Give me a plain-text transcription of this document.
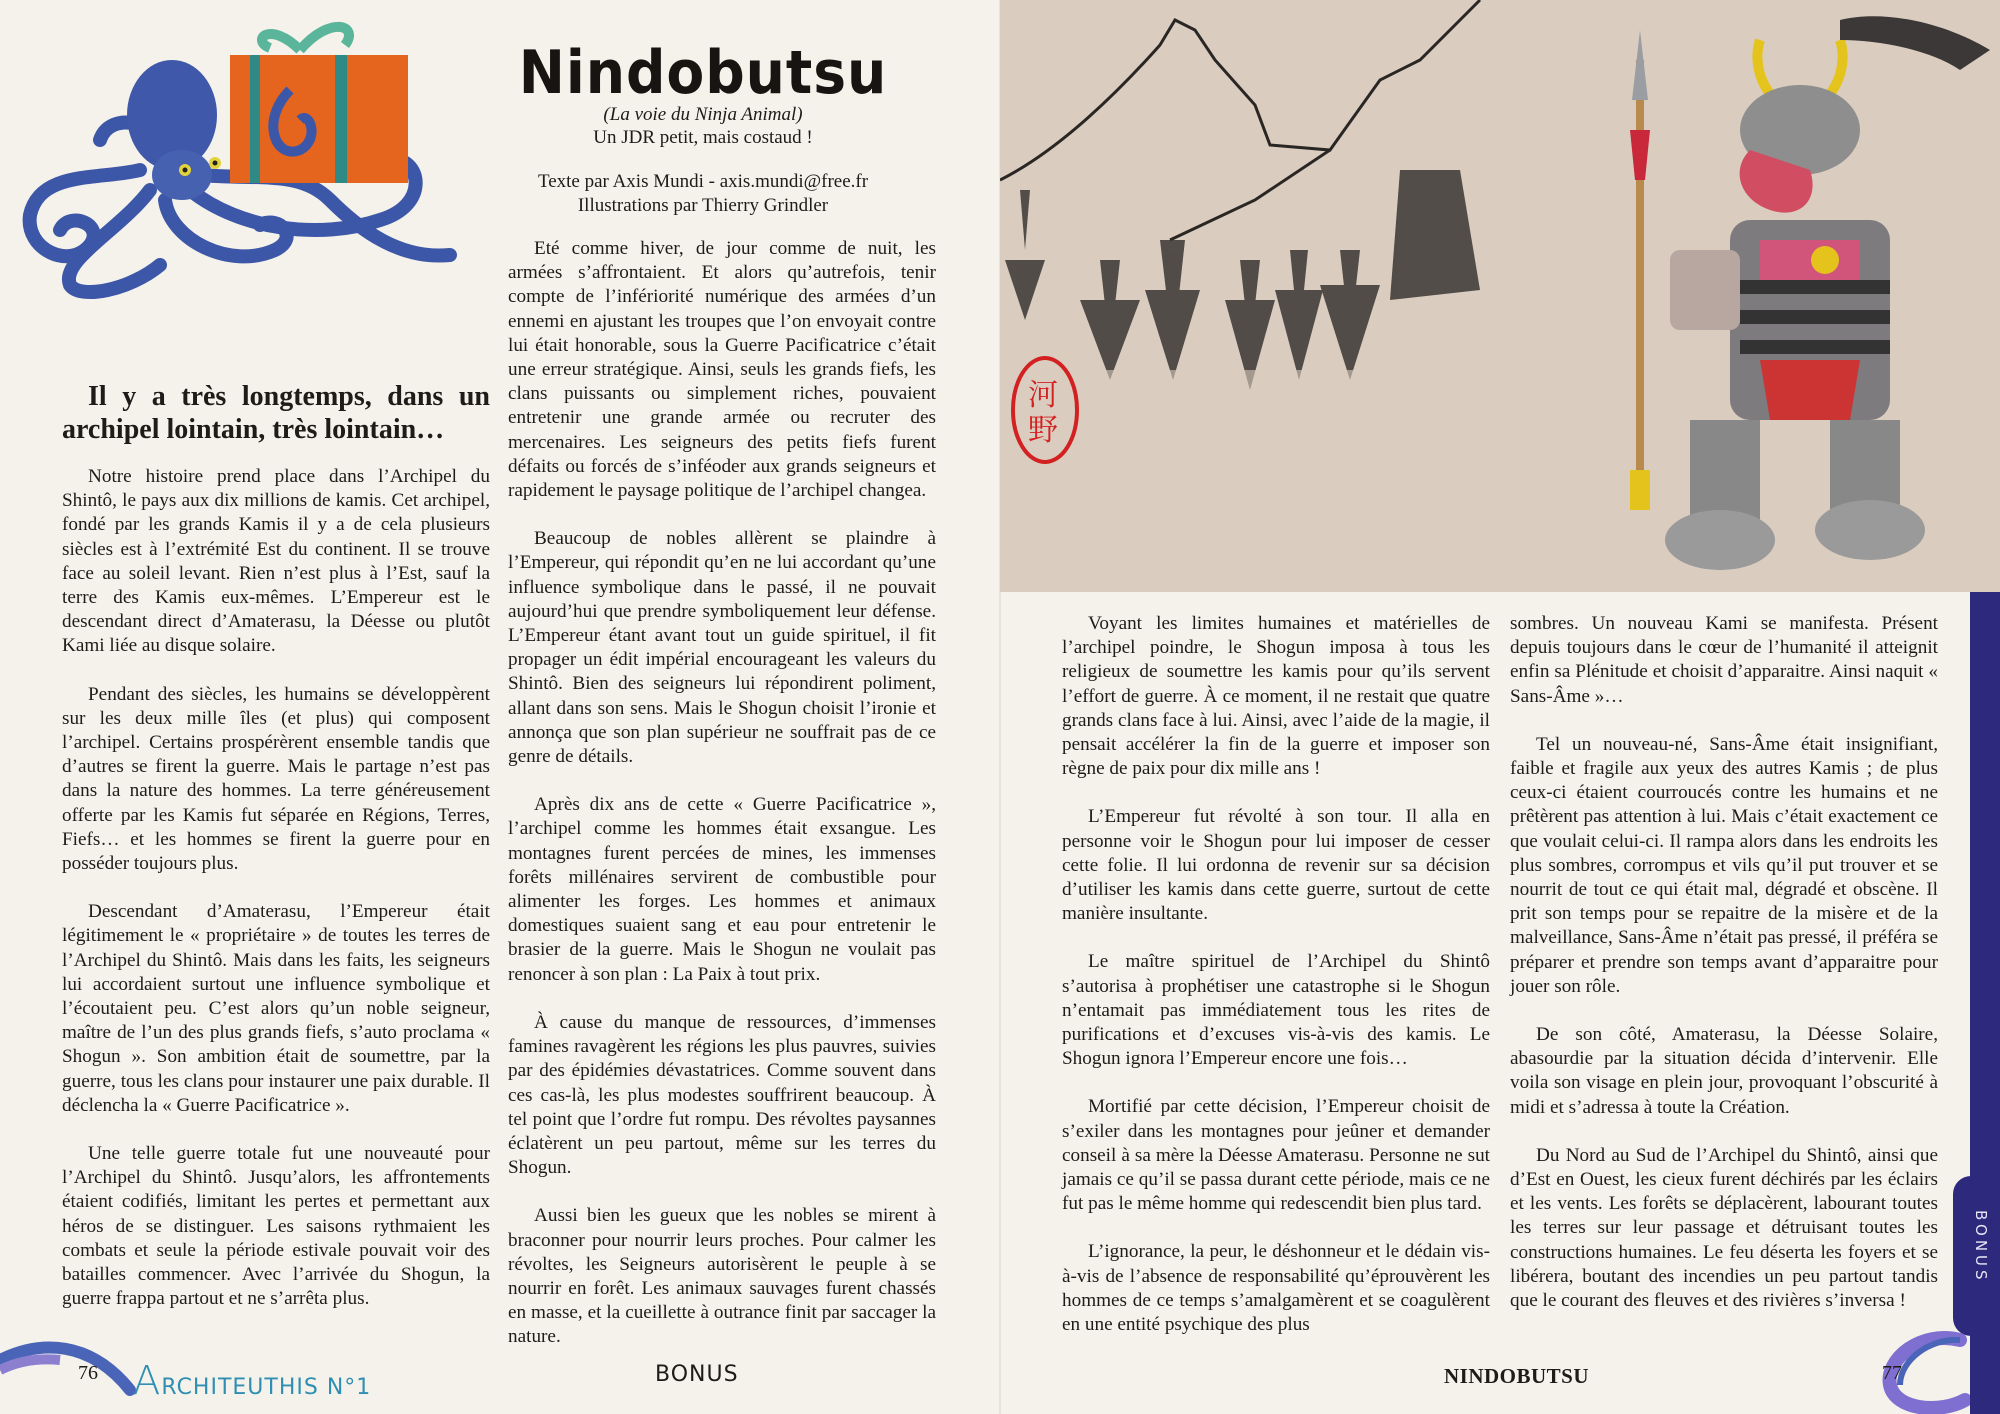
Nindobutsu
(La voie du Ninja Animal)
Un JDR petit, mais costaud !
Texte par Axis Mundi - axis.mundi@free.fr
Illustrations par Thierry Grindler
Il y a très longtemps, dans un archipel lointain, très lointain…

Notre histoire prend place dans l’Archipel du Shintô, le pays aux dix millions de kamis. Cet archipel, fondé par les grands Kamis il y a de cela plusieurs siècles est à l’extrémité Est du continent. Il se trouve face au soleil levant. Rien n’est plus à l’Est, sauf la terre des Kamis eux-mêmes. L’Empereur est le descendant direct d’Amaterasu, la Déesse ou plutôt Kami liée au disque solaire.

Pendant des siècles, les humains se développèrent sur les deux mille îles (et plus) qui composent l’archipel. Certains prospérèrent ensemble tandis que d’autres se firent la guerre. Mais le partage n’est pas dans la nature des hommes. La terre généreusement offerte par les Kamis fut séparée en Régions, Terres, Fiefs… et les hommes se firent la guerre pour en posséder toujours plus.

Descendant d’Amaterasu, l’Empereur était légitimement le « propriétaire » de toutes les terres de l’Archipel du Shintô. Mais dans les faits, les seigneurs lui accordaient surtout une influence symbolique et l’écoutaient peu. C’est alors qu’un noble seigneur, maître de l’un des plus grands fiefs, s’auto proclama « Shogun ». Son ambition était de soumettre, par la guerre, tous les clans pour instaurer une paix durable. Il déclencha la « Guerre Pacificatrice ».

Une telle guerre totale fut une nouveauté pour l’Archipel du Shintô. Jusqu’alors, les affrontements étaient codifiés, limitant les pertes et permettant aux héros de se distinguer. Les saisons rythmaient les combats et seule la période estivale pouvait voir des batailles commencer. Avec l’arrivée du Shogun, la guerre frappa partout et ne s’arrêta plus.

Eté comme hiver, de jour comme de nuit, les armées s’affrontaient. Et alors qu’autrefois, tenir compte de l’infériorité numérique des armées d’un ennemi en ajustant les troupes que l’on envoyait contre lui était honorable, sous la Guerre Pacificatrice c’était une erreur stratégique. Ainsi, seuls les grands fiefs, les clans puissants ou simplement riches, pouvaient entretenir une grande armée ou recruter des mercenaires. Les seigneurs des petits fiefs furent défaits ou forcés de s’inféoder aux grands seigneurs et rapidement le paysage politique de l’archipel changea.

Beaucoup de nobles allèrent se plaindre à l’Empereur, qui répondit qu’en ne lui accordant qu’une influence symbolique dans le passé, il ne pouvait aujourd’hui que prendre symboliquement leur défense. L’Empereur étant avant tout un guide spirituel, il fit propager un édit impérial encourageant les valeurs du Shintô. Bien des seigneurs lui répondirent poliment, allant dans son sens. Mais le Shogun choisit l’ironie et annonça que son plan supérieur ne souffrait pas de ce genre de détails.

Après dix ans de cette « Guerre Pacificatrice », l’archipel comme les hommes était exsangue. Les montagnes furent percées de mines, les immenses forêts millénaires servirent de combustible pour alimenter les forges. Les hommes et animaux domestiques suaient sang et eau pour entretenir le brasier de la guerre. Mais le Shogun ne voulait pas renoncer à son plan : La Paix à tout prix.

À cause du manque de ressources, d’immenses famines ravagèrent les régions les plus pauvres, suivies par des épidémies dévastatrices. Comme souvent dans ces cas-là, les plus modestes souffrirent beaucoup. À tel point que l’ordre fut rompu. Des révoltes paysannes éclatèrent un peu partout, même sur les terres du Shogun.

Aussi bien les gueux que les nobles se mirent à braconner pour nourrir leurs proches. Pour calmer les révoltes, les Seigneurs autorisèrent le peuple à se nourrir en forêt. Les animaux sauvages furent chassés en masse, et la cueillette à outrance finit par saccager la nature.

河
野

Voyant les limites humaines et matérielles de l’archipel poindre, le Shogun imposa à tous les religieux de soumettre les kamis pour qu’ils servent l’effort de guerre. À ce moment, il ne restait que quatre grands clans face à lui. Ainsi, avec l’aide de la magie, il pensait accélérer la fin de la guerre et imposer son règne de paix pour dix mille ans !

L’Empereur fut révolté à son tour. Il alla en personne voir le Shogun pour lui imposer de cesser cette folie. Il lui ordonna de revenir sur sa décision d’utiliser les kamis dans cette guerre, surtout de cette manière insultante.

Le maître spirituel de l’Archipel du Shintô s’autorisa à prophétiser une catastrophe si le Shogun n’entamait pas immédiatement tous les rites de purifications et d’excuses vis-à-vis des kamis. Le Shogun ignora l’Empereur encore une fois…

Mortifié par cette décision, l’Empereur choisit de s’exiler dans les montagnes pour jeûner et demander conseil à sa mère la Déesse Amaterasu. Personne ne sut jamais ce qu’il se passa durant cette période, mais ce ne fut pas le même homme qui redescendit bien plus tard.

L’ignorance, la peur, le déshonneur et le dédain vis-à-vis de l’absence de responsabilité qu’éprouvèrent les hommes de ce temps s’amalgamèrent et se coagulèrent en une entité psychique des plus

sombres. Un nouveau Kami se manifesta. Présent depuis toujours dans le cœur de l’humanité il atteignit enfin sa Plénitude et choisit d’apparaitre. Ainsi naquit « Sans-Âme »…

Tel un nouveau-né, Sans-Âme était insignifiant, faible et fragile aux yeux des autres Kamis ; de plus ceux-ci étaient courroucés contre les humains et ne prêtèrent pas attention à lui. Mais c’était exactement ce que voulait celui-ci. Il rampa alors dans les endroits les plus sombres, corrompus et vils qu’il put trouver et se nourrit de tout ce qui était mal, dégradé et obscène. Il prit son temps pour se repaitre de la misère et de la malveillance, Sans-Âme n’était pas pressé, il préféra se préparer et prendre son temps avant d’apparaitre pour jouer son rôle.

De son côté, Amaterasu, la Déesse Solaire, abasourdie par la situation décida d’intervenir. Elle voila son visage en plein jour, provoquant l’obscurité à midi et s’adressa à toute la Création.

Du Nord au Sud de l’Archipel du Shintô, ainsi que d’Est en Ouest, les cieux furent déchirés par les éclairs et les vents. Les forêts se déplacèrent, labourant toutes les terres sur leur passage et détruisant toutes les constructions humaines. Le feu déserta les foyers et se libérera, boutant des incendies un peu partout tandis que le courant des fleuves et des rivières s’inversa !

BONUS
76 ARCHITEUTHIS N°1
BONUS	NINDOBUTSU	77
